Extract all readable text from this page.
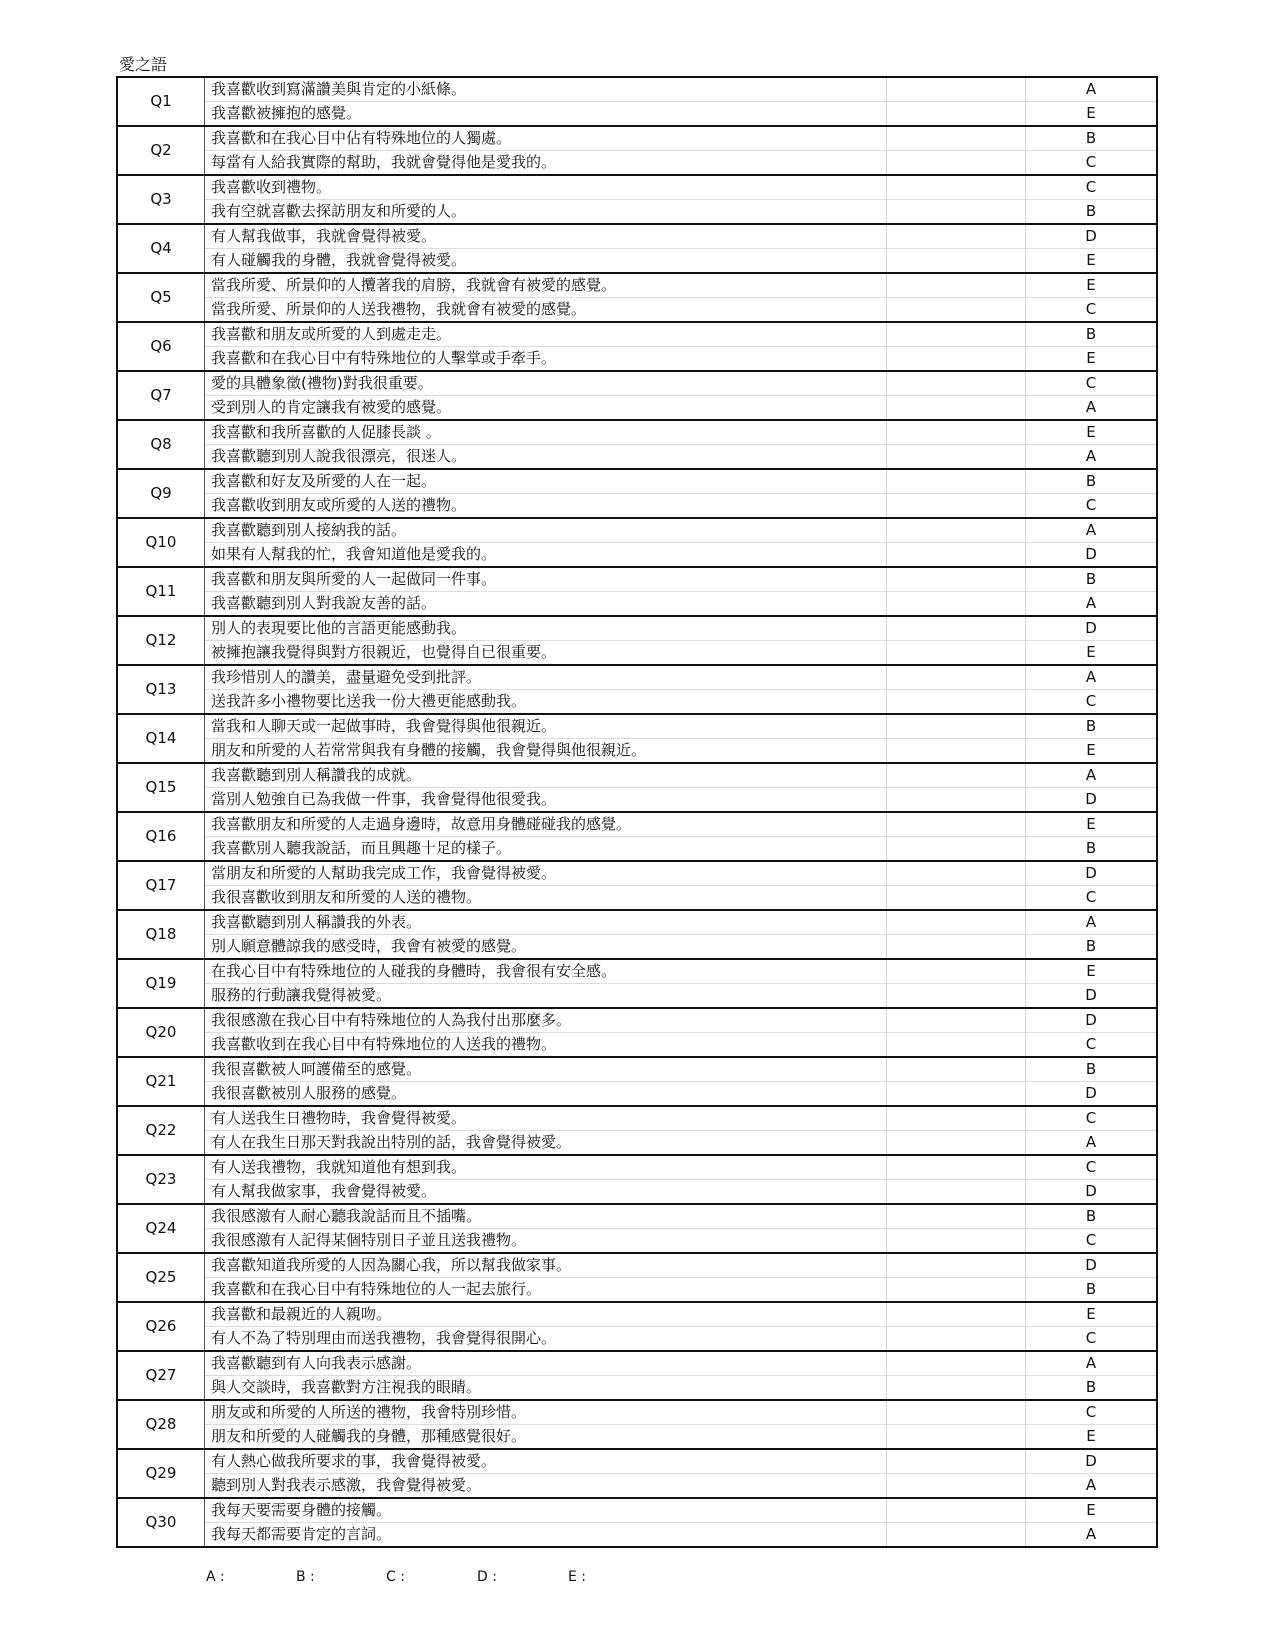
愛之語
Q1	我喜歡收到寫滿讚美與肯定的小紙條。		A
	我喜歡被擁抱的感覺。		E
Q2	我喜歡和在我心目中佔有特殊地位的人獨處。		B
	每當有人給我實際的幫助，我就會覺得他是愛我的。		C
Q3	我喜歡收到禮物。		C
	我有空就喜歡去探訪朋友和所愛的人。		B
Q4	有人幫我做事，我就會覺得被愛。		D
	有人碰觸我的身體，我就會覺得被愛。		E
Q5	當我所愛、所景仰的人攬著我的肩膀，我就會有被愛的感覺。		E
	當我所愛、所景仰的人送我禮物，我就會有被愛的感覺。		C
Q6	我喜歡和朋友或所愛的人到處走走。		B
	我喜歡和在我心目中有特殊地位的人擊掌或手牽手。		E
Q7	愛的具體象徵(禮物)對我很重要。		C
	受到別人的肯定讓我有被愛的感覺。		A
Q8	我喜歡和我所喜歡的人促膝長談 。		E
	我喜歡聽到別人說我很漂亮，很迷人。		A
Q9	我喜歡和好友及所愛的人在一起。		B
	我喜歡收到朋友或所愛的人送的禮物。		C
Q10	我喜歡聽到別人接納我的話。		A
	如果有人幫我的忙，我會知道他是愛我的。		D
Q11	我喜歡和朋友與所愛的人一起做同一件事。		B
	我喜歡聽到別人對我說友善的話。		A
Q12	別人的表現要比他的言語更能感動我。		D
	被擁抱讓我覺得與對方很親近，也覺得自已很重要。		E
Q13	我珍惜別人的讚美，盡量避免受到批評。		A
	送我許多小禮物要比送我一份大禮更能感動我。		C
Q14	當我和人聊天或一起做事時，我會覺得與他很親近。		B
	朋友和所愛的人若常常與我有身體的接觸，我會覺得與他很親近。		E
Q15	我喜歡聽到別人稱讚我的成就。		A
	當別人勉強自已為我做一件事，我會覺得他很愛我。		D
Q16	我喜歡朋友和所愛的人走過身邊時，故意用身體碰碰我的感覺。		E
	我喜歡別人聽我說話，而且興趣十足的樣子。		B
Q17	當朋友和所愛的人幫助我完成工作，我會覺得被愛。		D
	我很喜歡收到朋友和所愛的人送的禮物。		C
Q18	我喜歡聽到別人稱讚我的外表。		A
	別人願意體諒我的感受時，我會有被愛的感覺。		B
Q19	在我心目中有特殊地位的人碰我的身體時，我會很有安全感。		E
	服務的行動讓我覺得被愛。		D
Q20	我很感激在我心目中有特殊地位的人為我付出那麼多。		D
	我喜歡收到在我心目中有特殊地位的人送我的禮物。		C
Q21	我很喜歡被人呵護備至的感覺。		B
	我很喜歡被別人服務的感覺。		D
Q22	有人送我生日禮物時，我會覺得被愛。		C
	有人在我生日那天對我說出特別的話，我會覺得被愛。		A
Q23	有人送我禮物，我就知道他有想到我。		C
	有人幫我做家事，我會覺得被愛。		D
Q24	我很感激有人耐心聽我說話而且不插嘴。		B
	我很感激有人記得某個特別日子並且送我禮物。		C
Q25	我喜歡知道我所愛的人因為關心我，所以幫我做家事。		D
	我喜歡和在我心目中有特殊地位的人一起去旅行。		B
Q26	我喜歡和最親近的人親吻。		E
	有人不為了特別理由而送我禮物，我會覺得很開心。		C
Q27	我喜歡聽到有人向我表示感謝。		A
	與人交談時，我喜歡對方注視我的眼睛。		B
Q28	朋友或和所愛的人所送的禮物，我會特別珍惜。		C
	朋友和所愛的人碰觸我的身體，那種感覺很好。		E
Q29	有人熱心做我所要求的事，我會覺得被愛。		D
	聽到別人對我表示感激，我會覺得被愛。		A
Q30	我每天要需要身體的接觸。		E
	我每天都需要肯定的言詞。		A
A :	B :	C :	D :	E :
